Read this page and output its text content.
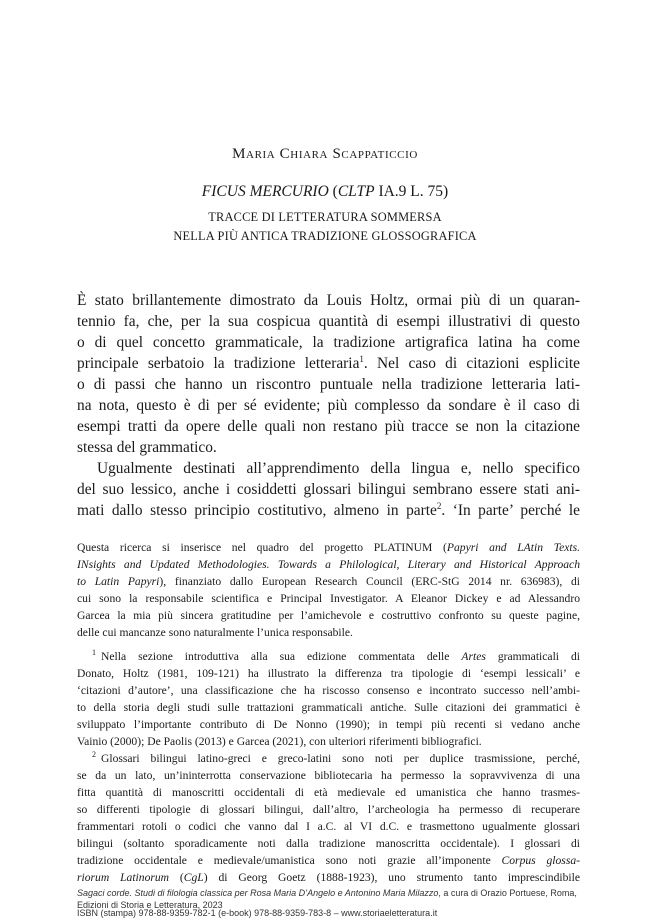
Maria Chiara Scappaticcio
FICUS MERCURIO (CLTP IA.9 L. 75)
TRACCE DI LETTERATURA SOMMERSA
NELLA PIÙ ANTICA TRADIZIONE GLOSSOGRAFICA
È stato brillantemente dimostrato da Louis Holtz, ormai più di un quaran-
tennio fa, che, per la sua cospicua quantità di esempi illustrativi di questo
o di quel concetto grammaticale, la tradizione artigrafica latina ha come
principale serbatoio la tradizione letteraria$^1$. Nel caso di citazioni esplicite
o di passi che hanno un riscontro puntuale nella tradizione letteraria lati-
na nota, questo è di per sé evidente; più complesso da sondare è il caso di
esempi tratti da opere delle quali non restano più tracce se non la citazione
stessa del grammatico.
Ugualmente destinati all’apprendimento della lingua e, nello specifico
del suo lessico, anche i cosiddetti glossari bilingui sembrano essere stati ani-
mati dallo stesso principio costitutivo, almeno in parte$^2$. ‘In parte’ perché le
Questa ricerca si inserisce nel quadro del progetto PLATINUM (Papyri and LAtin Texts.
INsights and Updated Methodologies. Towards a Philological, Literary and Historical Approach
to Latin Papyri), finanziato dallo European Research Council (ERC-StG 2014 nr. 636983), di
cui sono la responsabile scientifica e Principal Investigator. A Eleanor Dickey e ad Alessandro
Garcea la mia più sincera gratitudine per l’amichevole e costruttivo confronto su queste pagine,
delle cui mancanze sono naturalmente l’unica responsabile.
$^1$ Nella sezione introduttiva alla sua edizione commentata delle Artes grammaticali di
Donato, Holtz (1981, 109-121) ha illustrato la differenza tra tipologie di ‘esempi lessicali’ e
‘citazioni d’autore’, una classificazione che ha riscosso consenso e incontrato successo nell’ambi-
to della storia degli studi sulle trattazioni grammaticali antiche. Sulle citazioni dei grammatici è
sviluppato l’importante contributo di De Nonno (1990); in tempi più recenti si vedano anche
Vainio (2000); De Paolis (2013) e Garcea (2021), con ulteriori riferimenti bibliografici.
$^2$ Glossari bilingui latino-greci e greco-latini sono noti per duplice trasmissione, perché,
se da un lato, un’ininterrotta conservazione bibliotecaria ha permesso la sopravvivenza di una
fitta quantità di manoscritti occidentali di età medievale ed umanistica che hanno trasmes-
so differenti tipologie di glossari bilingui, dall’altro, l’archeologia ha permesso di recuperare
frammentari rotoli o codici che vanno dal I a.C. al VI d.C. e trasmettono ugualmente glossari
bilingui (soltanto sporadicamente noti dalla tradizione manoscritta occidentale). I glossari di
tradizione occidentale e medievale/umanistica sono noti grazie all’imponente Corpus glossa-
riorum Latinorum (CgL) di Georg Goetz (1888-1923), uno strumento tanto imprescindibile
Sagaci corde. Studi di filologia classica per Rosa Maria D’Angelo e Antonino Maria Milazzo, a cura di Orazio Portuese, Roma,
Edizioni di Storia e Letteratura, 2023
ISBN (stampa) 978-88-9359-782-1 (e-book) 978-88-9359-783-8 – www.storiaeletteratura.it
